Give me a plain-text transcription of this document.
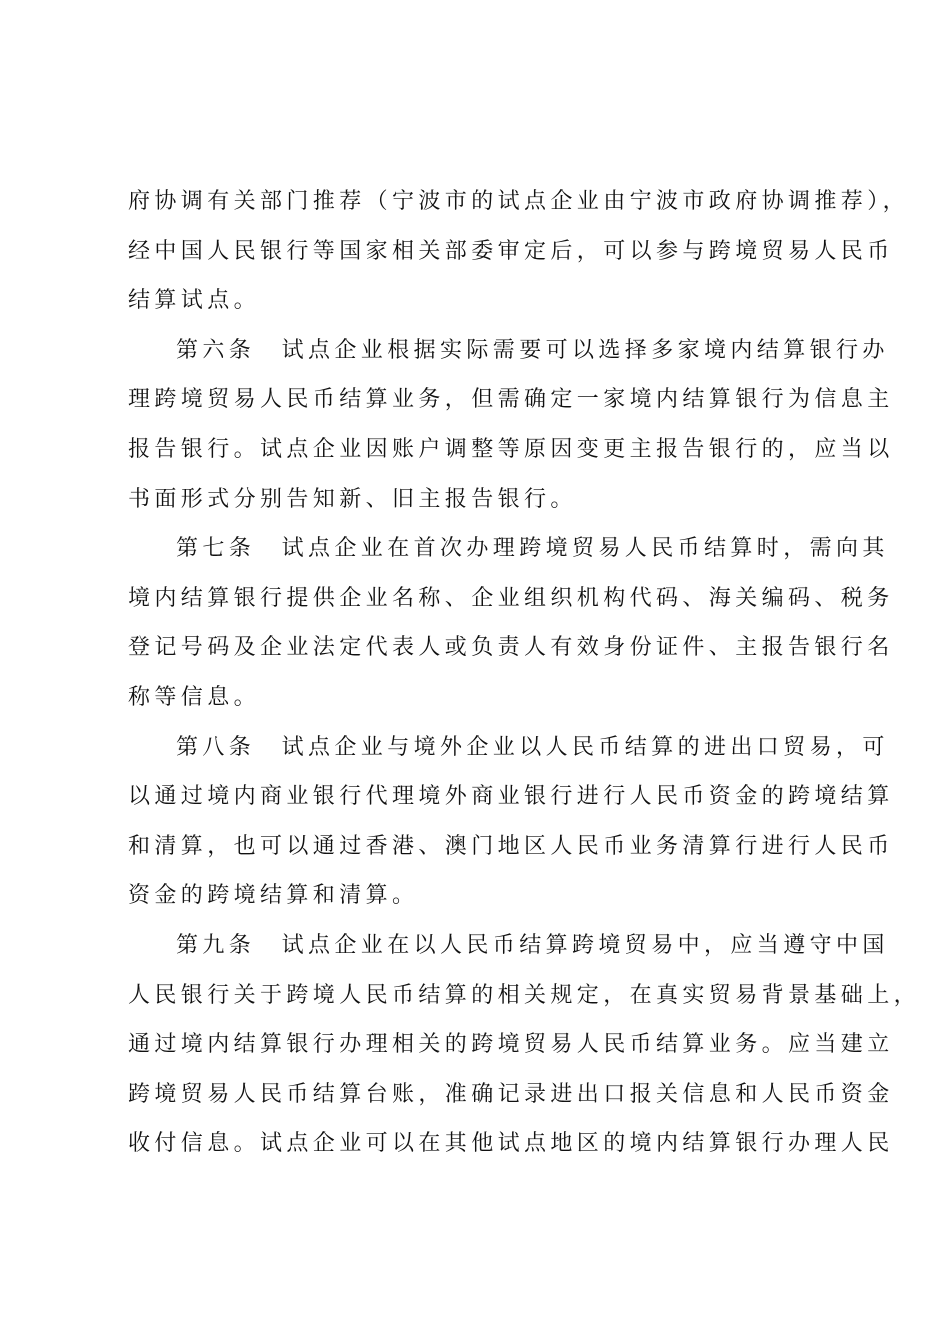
府协调有关部门推荐（宁波市的试点企业由宁波市政府协调推荐），
经中国人民银行等国家相关部委审定后，可以参与跨境贸易人民币
结算试点。
第六条　试点企业根据实际需要可以选择多家境内结算银行办
理跨境贸易人民币结算业务，但需确定一家境内结算银行为信息主
报告银行。试点企业因账户调整等原因变更主报告银行的，应当以
书面形式分别告知新、旧主报告银行。
第七条　试点企业在首次办理跨境贸易人民币结算时，需向其
境内结算银行提供企业名称、企业组织机构代码、海关编码、税务
登记号码及企业法定代表人或负责人有效身份证件、主报告银行名
称等信息。
第八条　试点企业与境外企业以人民币结算的进出口贸易，可
以通过境内商业银行代理境外商业银行进行人民币资金的跨境结算
和清算，也可以通过香港、澳门地区人民币业务清算行进行人民币
资金的跨境结算和清算。
第九条　试点企业在以人民币结算跨境贸易中，应当遵守中国
人民银行关于跨境人民币结算的相关规定，在真实贸易背景基础上，
通过境内结算银行办理相关的跨境贸易人民币结算业务。应当建立
跨境贸易人民币结算台账，准确记录进出口报关信息和人民币资金
收付信息。试点企业可以在其他试点地区的境内结算银行办理人民
